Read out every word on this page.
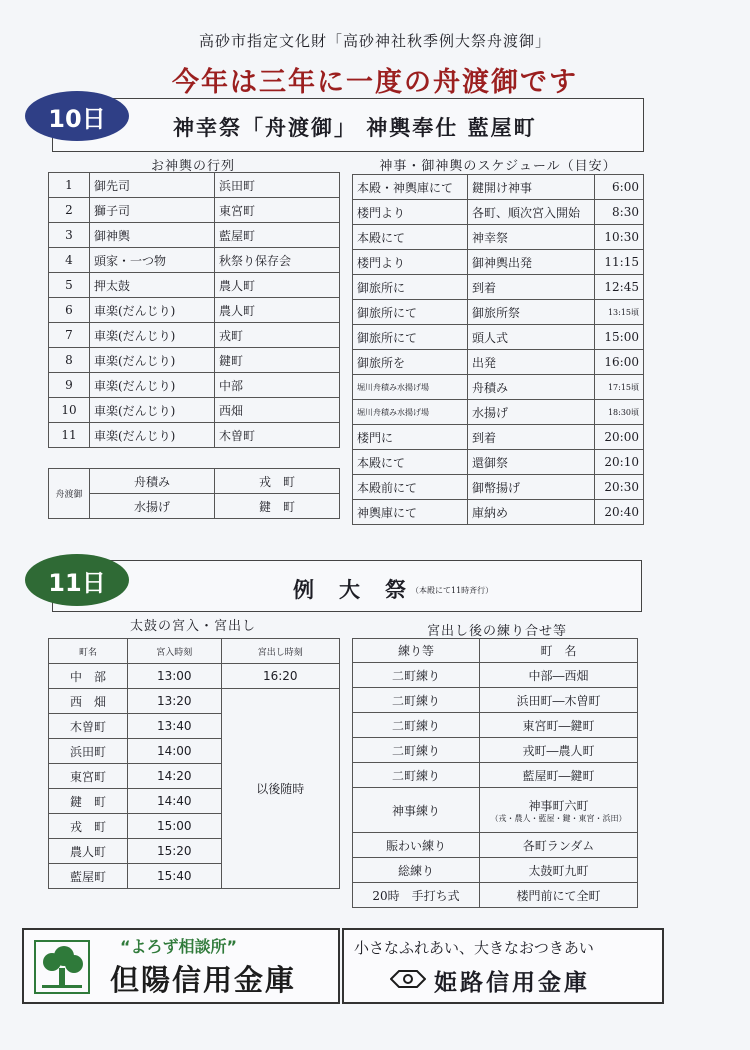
高砂市指定文化財「高砂神社秋季例大祭舟渡御」
今年は三年に一度の舟渡御です
神幸祭「舟渡御」 神輿奉仕 藍屋町
10日
お神輿の行列
1	御先司	浜田町
2	獅子司	東宮町
3	御神輿	藍屋町
4	頭家・一つ物	秋祭り保存会
5	押太鼓	農人町
6	車楽(だんじり)	農人町
7	車楽(だんじり)	戎町
8	車楽(だんじり)	鍵町
9	車楽(だんじり)	中部
10	車楽(だんじり)	西畑
11	車楽(だんじり)	木曽町
舟渡御	舟積み	戎　町
	水揚げ	鍵　町
神事・御神輿のスケジュール（目安）
本殿・神輿庫にて	鍵開け神事	6:00
楼門より	各町、順次宮入開始	8:30
本殿にて	神幸祭	10:30
楼門より	御神輿出発	11:15
御旅所に	到着	12:45
御旅所にて	御旅所祭	13:15頃
御旅所にて	頭人式	15:00
御旅所を	出発	16:00
堀川舟積み水揚げ場	舟積み	17:15頃
堀川舟積み水揚げ場	水揚げ	18:30頃
楼門に	到着	20:00
本殿にて	還御祭	20:10
本殿前にて	御幣揚げ	20:30
神輿庫にて	庫納め	20:40
例　大　祭 （本殿にて11時斉行）
11日
太鼓の宮入・宮出し
町名	宮入時刻	宮出し時刻
中　部	13:00	16:20
西　畑	13:20	以後随時
木曽町	13:40	
浜田町	14:00	
東宮町	14:20	
鍵　町	14:40	
戎　町	15:00	
農人町	15:20	
藍屋町	15:40	
宮出し後の練り合せ等
練り等	町　名
二町練り	中部―西畑
二町練り	浜田町―木曽町
二町練り	東宮町―鍵町
二町練り	戎町―農人町
二町練り	藍屋町―鍵町
神事練り	神事町六町
（戎・農人・藍屋・鍵・東宮・浜田）

賑わい練り	各町ランダム
総練り	太鼓町九町
20時　手打ち式	楼門前にて全町
“よろず相談所”
但陽信用金庫
小さなふれあい、大きなおつきあい
姫路信用金庫
